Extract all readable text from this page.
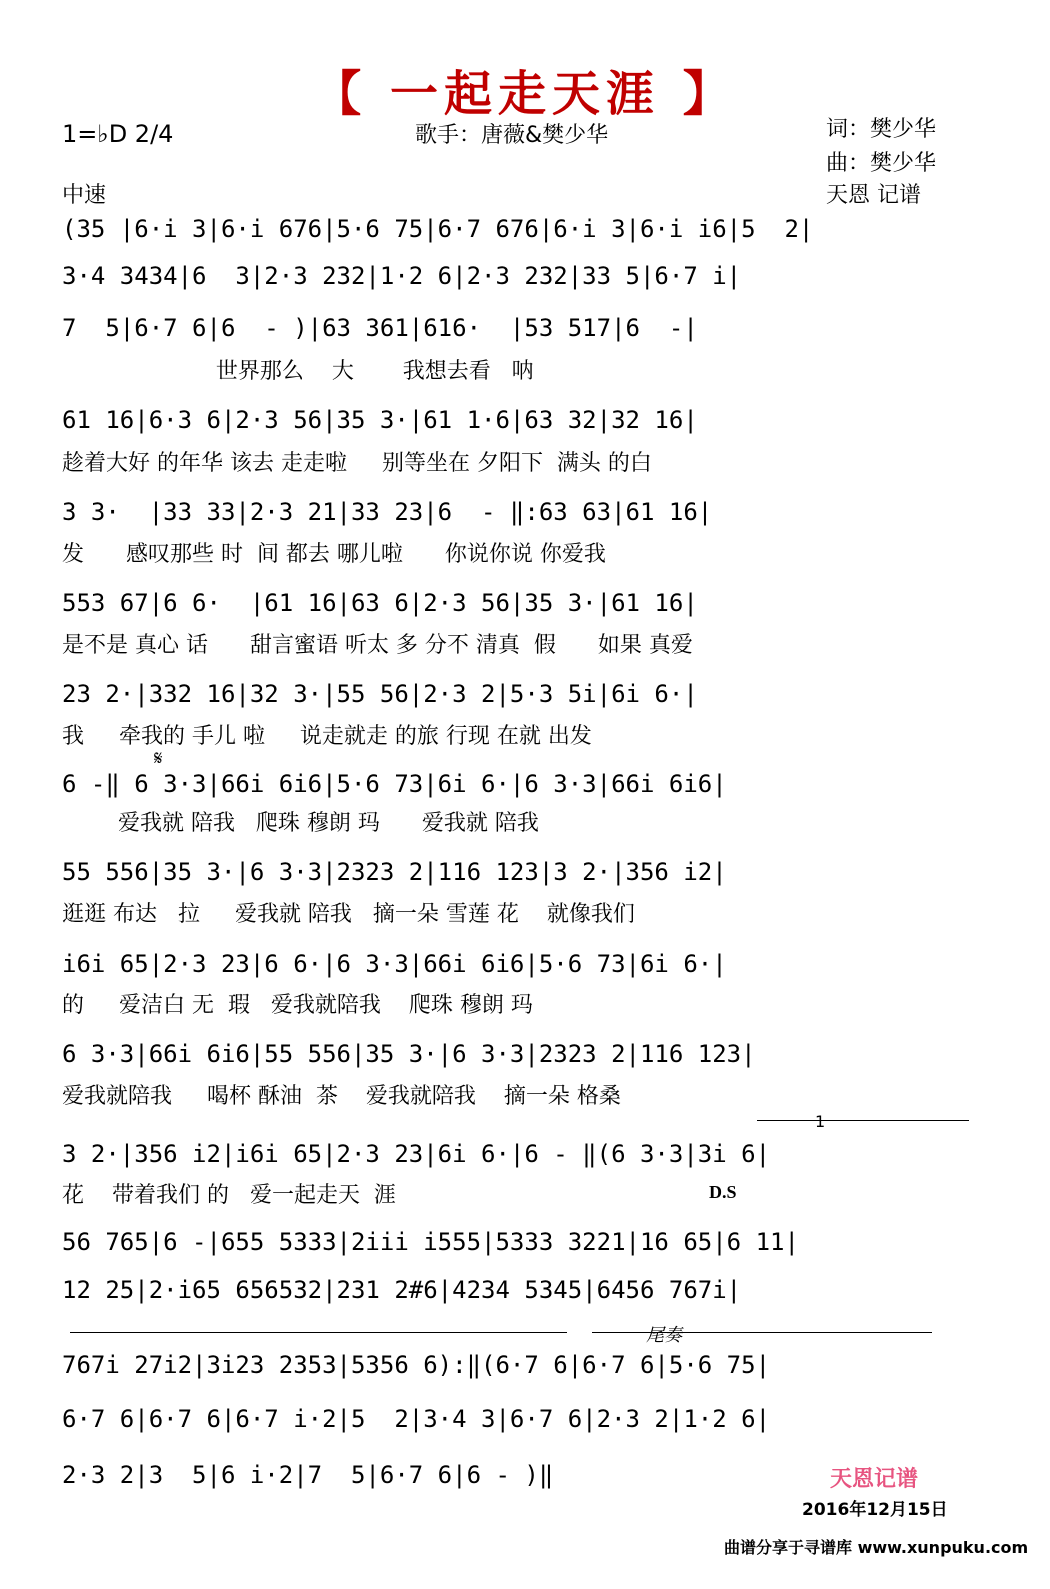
【 一起走天涯 】
1=♭D 2/4	歌手：唐薇&樊少华	词：樊少华
曲：樊少华
天恩 记谱
中速
(35 |6·i 3|6·i 676|5·6 75|6·7 676|6·i 3|6·i i6|5  2|
3·4 3434|6  3|2·3 232|1·2 6|2·3 232|33 5|6·7 i|
7  5|6·7 6|6  - )|63 361|616·  |53 517|6  -|
世界那么    大       我想去看   呐
61 16|6·3 6|2·3 56|35 3·|61 1·6|63 32|32 16|
趁着大好 的年华 该去 走走啦     别等坐在 夕阳下  满头 的白
3 3·  |33 33|2·3 21|33 23|6  - ‖:63 63|61 16|
发      感叹那些 时  间 都去 哪儿啦      你说你说 你爱我
553 67|6 6·  |61 16|63 6|2·3 56|35 3·|61 16|
是不是 真心 话      甜言蜜语 听太 多 分不 清真  假      如果 真爱
23 2·|332 16|32 3·|55 56|2·3 2|5·3 5i|6i 6·|
我     牵我的 手儿 啦     说走就走 的旅 行现 在就 出发
𝄋
6 -‖ 6 3·3|66i 6i6|5·6 73|6i 6·|6 3·3|66i 6i6|
爱我就 陪我   爬珠 穆朗 玛      爱我就 陪我
55 556|35 3·|6 3·3|2323 2|116 123|3 2·|356 i2|
逛逛 布达   拉     爱我就 陪我   摘一朵 雪莲 花    就像我们
i6i 65|2·3 23|6 6·|6 3·3|66i 6i6|5·6 73|6i 6·|
的     爱洁白 无  瑕   爱我就陪我    爬珠 穆朗 玛
6 3·3|66i 6i6|55 556|35 3·|6 3·3|2323 2|116 123|
爱我就陪我     喝杯 酥油  茶    爱我就陪我    摘一朵 格桑
1
3 2·|356 i2|i6i 65|2·3 23|6i 6·|6 - ‖(6 3·3|3i 6|
花    带着我们 的   爱一起走天  涯	D.S
56 765|6 -|655 5333|2iii i555|5333 3221|16 65|6 11|
12 25|2·i65 656532|231 2#6|4234 5345|6456 767i|
尾奏
767i 27i2|3i23 2353|5356 6):‖(6·7 6|6·7 6|5·6 75|
6·7 6|6·7 6|6·7 i·2|5  2|3·4 3|6·7 6|2·3 2|1·2 6|
2·3 2|3  5|6 i·2|7  5|6·7 6|6 - )‖	天恩记谱
2016年12月15日
曲谱分享于寻谱库 www.xunpuku.com
